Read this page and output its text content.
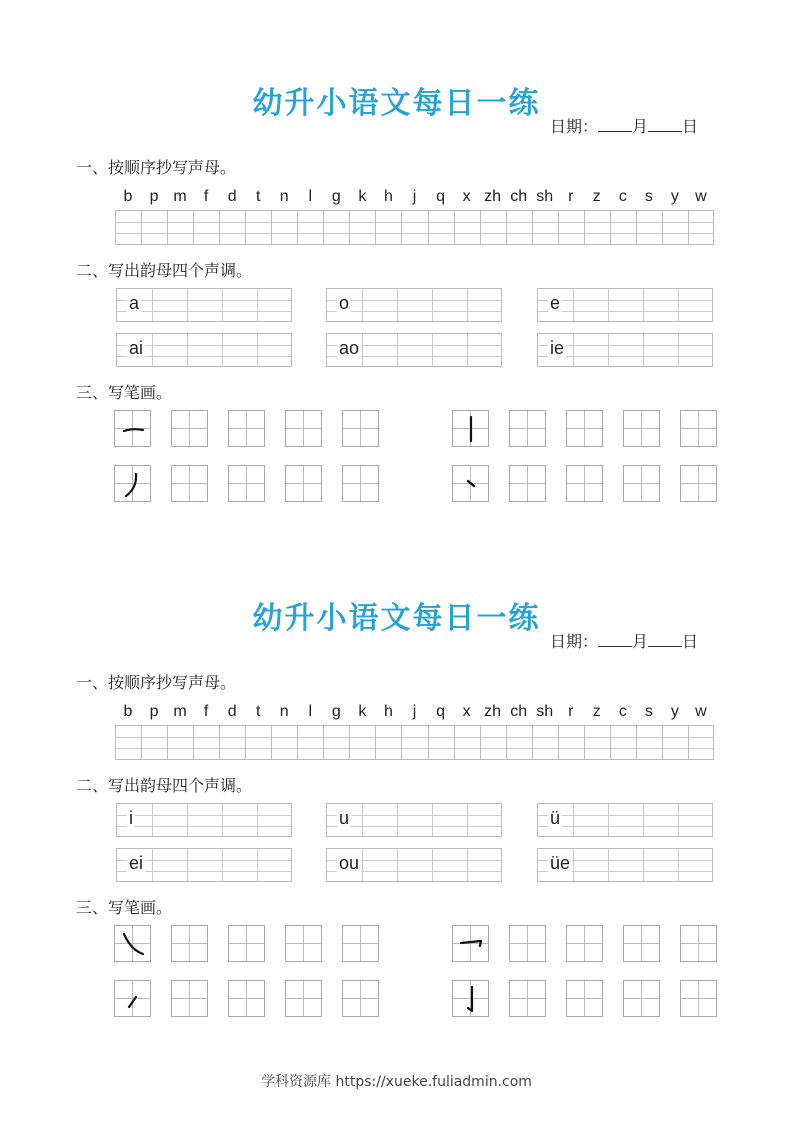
幼升小语文每日一练
日期： 月 日
一、按顺序抄写声母。
b	p m	f	d	t	n	l	g	k	h	j	q	x zh ch sh r	z	c	s	y	w
二、写出韵母四个声调。
a	o	e
ai	ao	ie
三、写笔画。
幼升小语文每日一练
日期： 月 日
一、按顺序抄写声母。
b	p m	f	d	t	n	l	g	k	h	j	q	x zh ch sh r	z	c	s	y	w
二、写出韵母四个声调。
i	u	ü
ei	ou	üe
三、写笔画。
学科资源库 https://xueke.fuliadmin.com
